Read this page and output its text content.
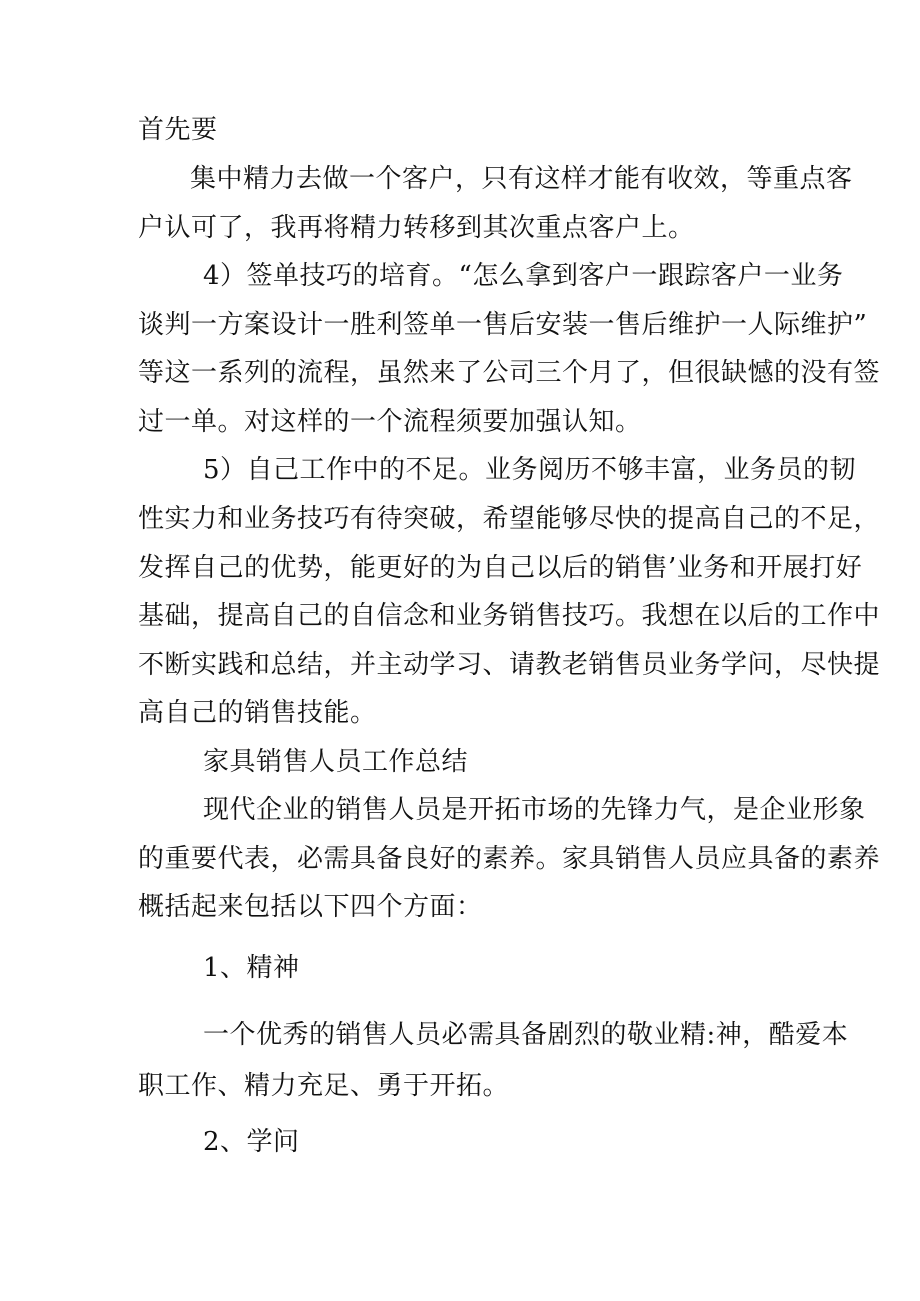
首先要
集中精力去做一个客户，只有这样才能有收效，等重点客
户认可了，我再将精力转移到其次重点客户上。
4）签单技巧的培育。“怎么拿到客户一跟踪客户一业务
谈判一方案设计一胜利签单一售后安装一售后维护一人际维护”
等这一系列的流程，虽然来了公司三个月了，但很缺憾的没有签
过一单。对这样的一个流程须要加强认知。
5）自己工作中的不足。业务阅历不够丰富，业务员的韧
性实力和业务技巧有待突破，希望能够尽快的提高自己的不足，
发挥自己的优势，能更好的为自己以后的销售’业务和开展打好
基础，提高自己的自信念和业务销售技巧。我想在以后的工作中
不断实践和总结，并主动学习、请教老销售员业务学问，尽快提
高自己的销售技能。
家具销售人员工作总结
现代企业的销售人员是开拓市场的先锋力气，是企业形象
的重要代表，必需具备良好的素养。家具销售人员应具备的素养
概括起来包括以下四个方面：
1、精神
一个优秀的销售人员必需具备剧烈的敬业精:神，酷爱本
职工作、精力充足、勇于开拓。
2、学问
